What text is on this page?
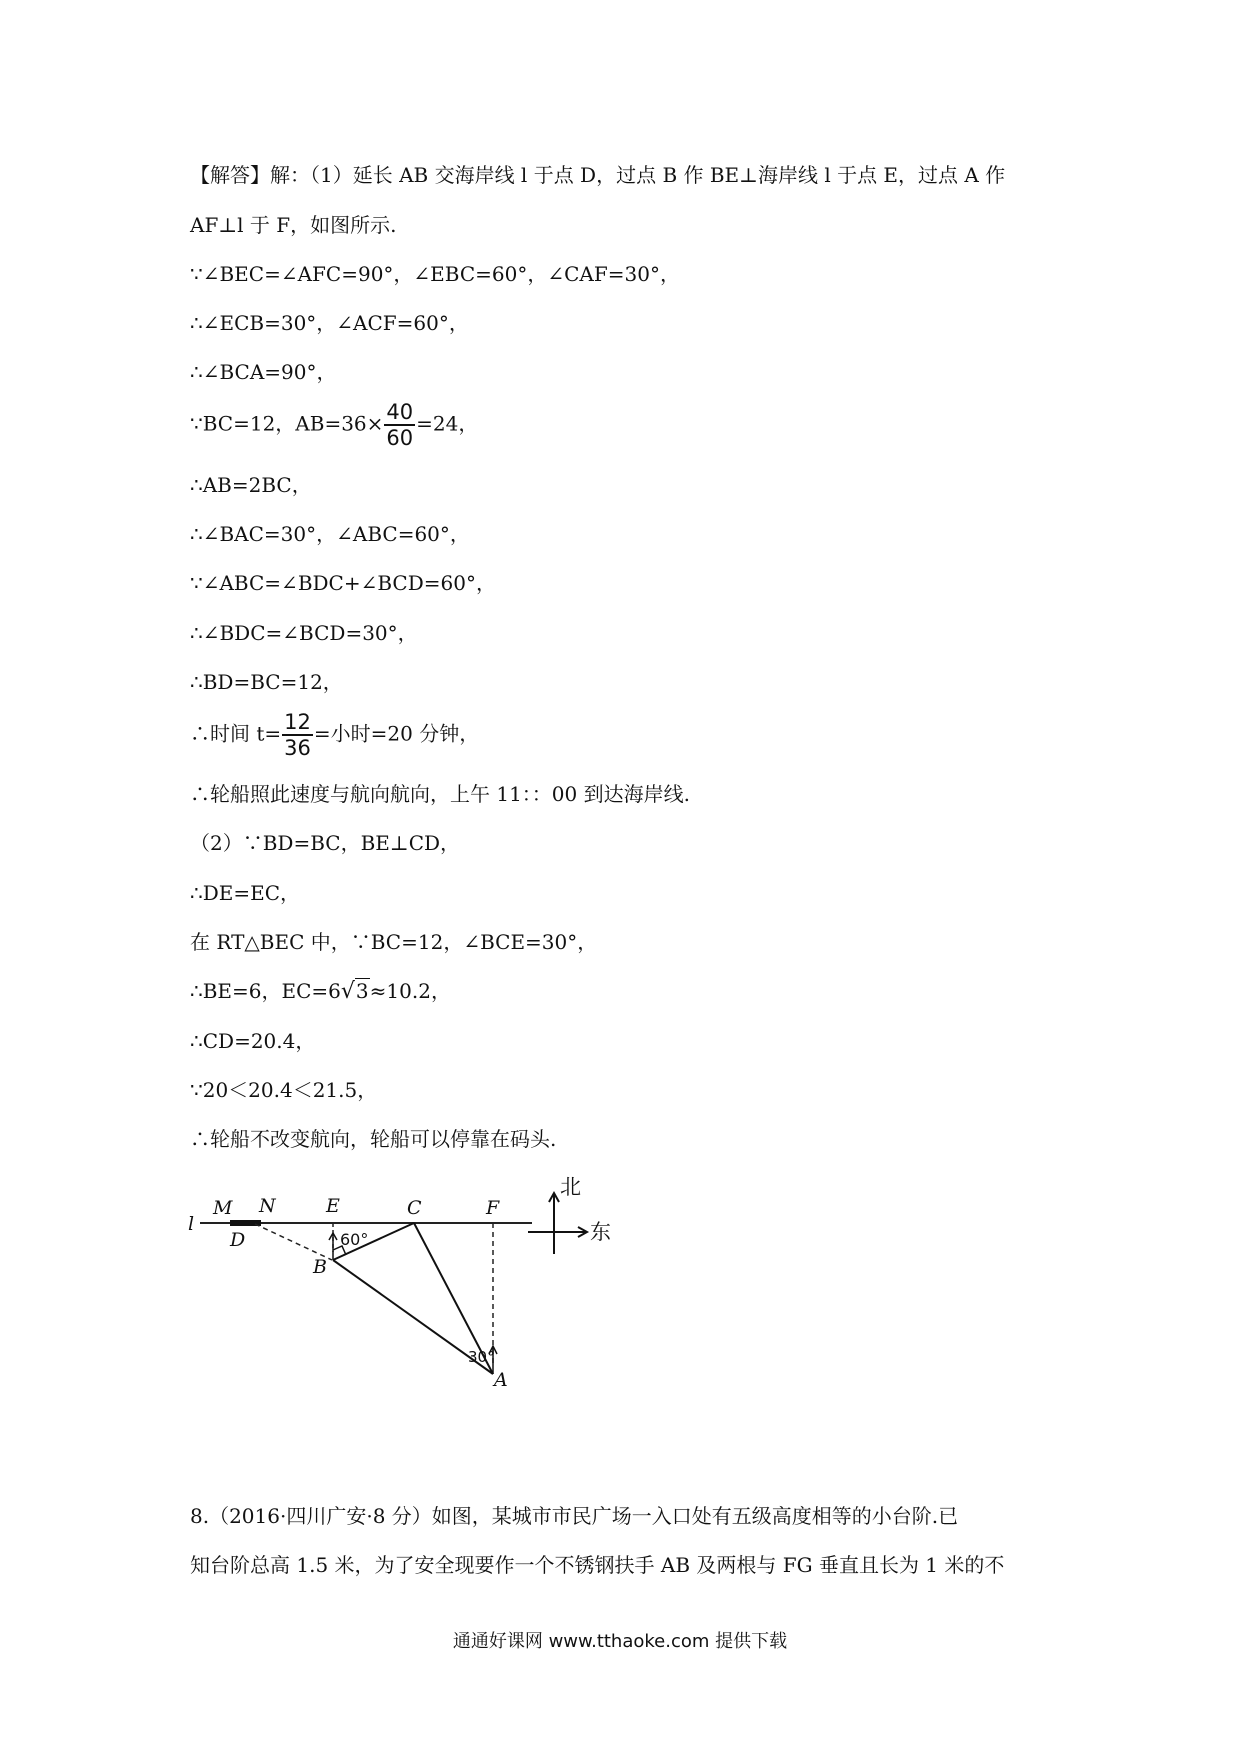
【解答】解：（1）延长 AB 交海岸线 l 于点 D，过点 B 作 BE⊥海岸线 l 于点 E，过点 A 作
AF⊥l 于 F，如图所示.
∵∠BEC=∠AFC=90°，∠EBC=60°，∠CAF=30°，
∴∠ECB=30°，∠ACF=60°，
∴∠BCA=90°，
∵BC=12，$AB=36\times \frac{40}{60} =24$，
∴AB=2BC，
∴∠BAC=30°，∠ABC=60°，
∵∠ABC=∠BDC+∠BCD=60°，
∴∠BDC=∠BCD=30°，
∴BD=BC=12，
∴时间 $t= \frac{12}{36}$ =小时=20 分钟，
∴轮船照此速度与航向航向，上午 11：：00 到达海岸线.
（2）∵BD=BC，BE⊥CD，
∴DE=EC，
在 RT△BEC 中，∵BC=12，∠BCE=30°，
∴BE=6，EC=6√3≈10.2，
∴CD=20.4，
∵20＜20.4＜21.5，
∴轮船不改变航向，轮船可以停靠在码头.
l
M N
D
E	C	F
B
A
60°
30°
北
东
8.（2016·四川广安·8 分）如图，某城市市民广场一入口处有五级高度相等的小台阶.已
知台阶总高 1.5 米，为了安全现要作一个不锈钢扶手 AB 及两根与 FG 垂直且长为 1 米的不
通通好课网 www.tthaoke.com 提供下载
